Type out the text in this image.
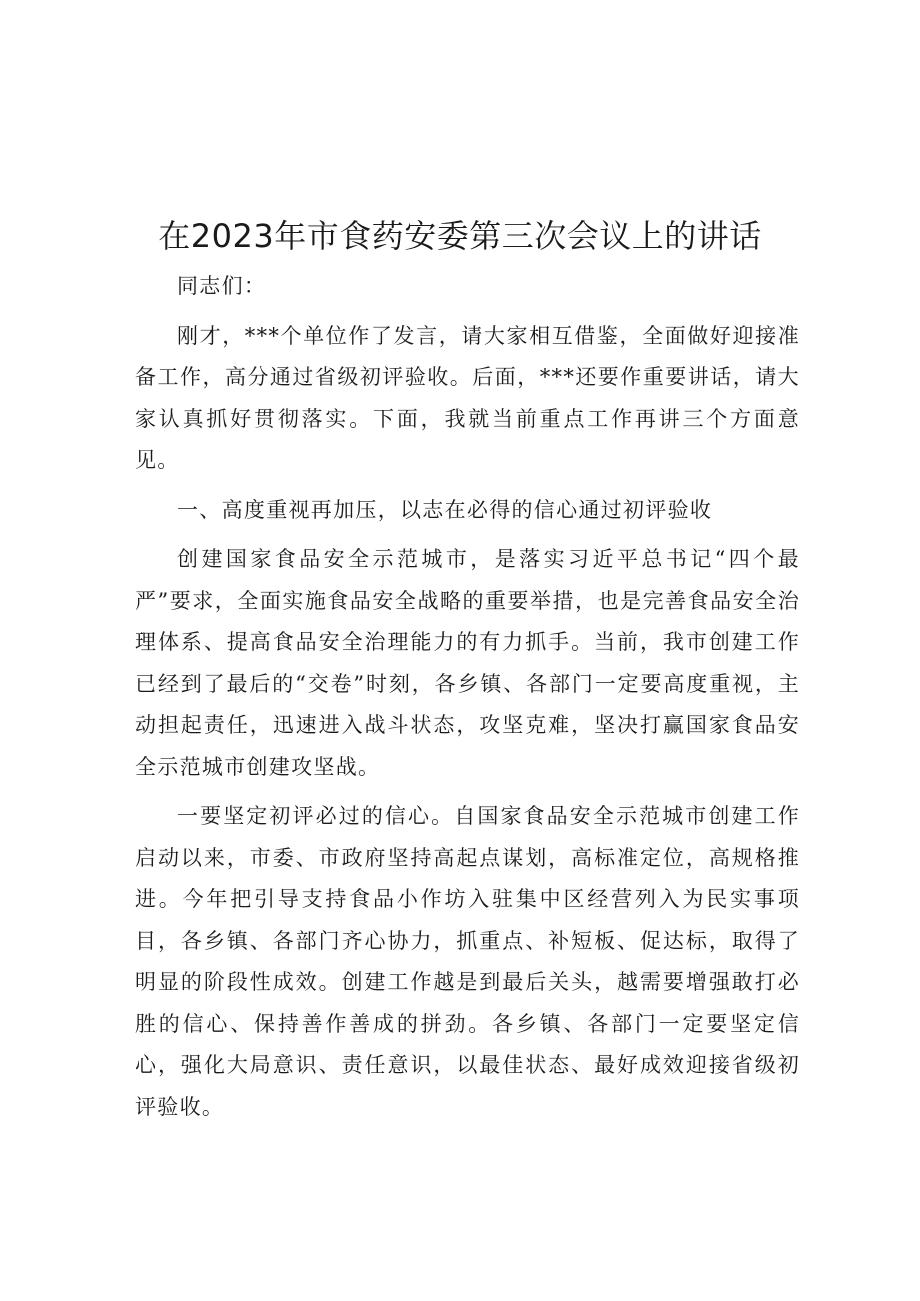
在2023年市食药安委第三次会议上的讲话

同志们：

刚才，***个单位作了发言，请大家相互借鉴，全面做好迎接准备工作，高分通过省级初评验收。后面，***还要作重要讲话，请大家认真抓好贯彻落实。下面，我就当前重点工作再讲三个方面意见。

一、高度重视再加压，以志在必得的信心通过初评验收

创建国家食品安全示范城市，是落实习近平总书记“四个最严”要求，全面实施食品安全战略的重要举措，也是完善食品安全治理体系、提高食品安全治理能力的有力抓手。当前，我市创建工作已经到了最后的“交卷”时刻，各乡镇、各部门一定要高度重视，主动担起责任，迅速进入战斗状态，攻坚克难，坚决打赢国家食品安全示范城市创建攻坚战。

一要坚定初评必过的信心。自国家食品安全示范城市创建工作启动以来，市委、市政府坚持高起点谋划，高标准定位，高规格推进。今年把引导支持食品小作坊入驻集中区经营列入为民实事项目，各乡镇、各部门齐心协力，抓重点、补短板、促达标，取得了明显的阶段性成效。创建工作越是到最后关头，越需要增强敢打必胜的信心、保持善作善成的拼劲。各乡镇、各部门一定要坚定信心，强化大局意识、责任意识，以最佳状态、最好成效迎接省级初评验收。
